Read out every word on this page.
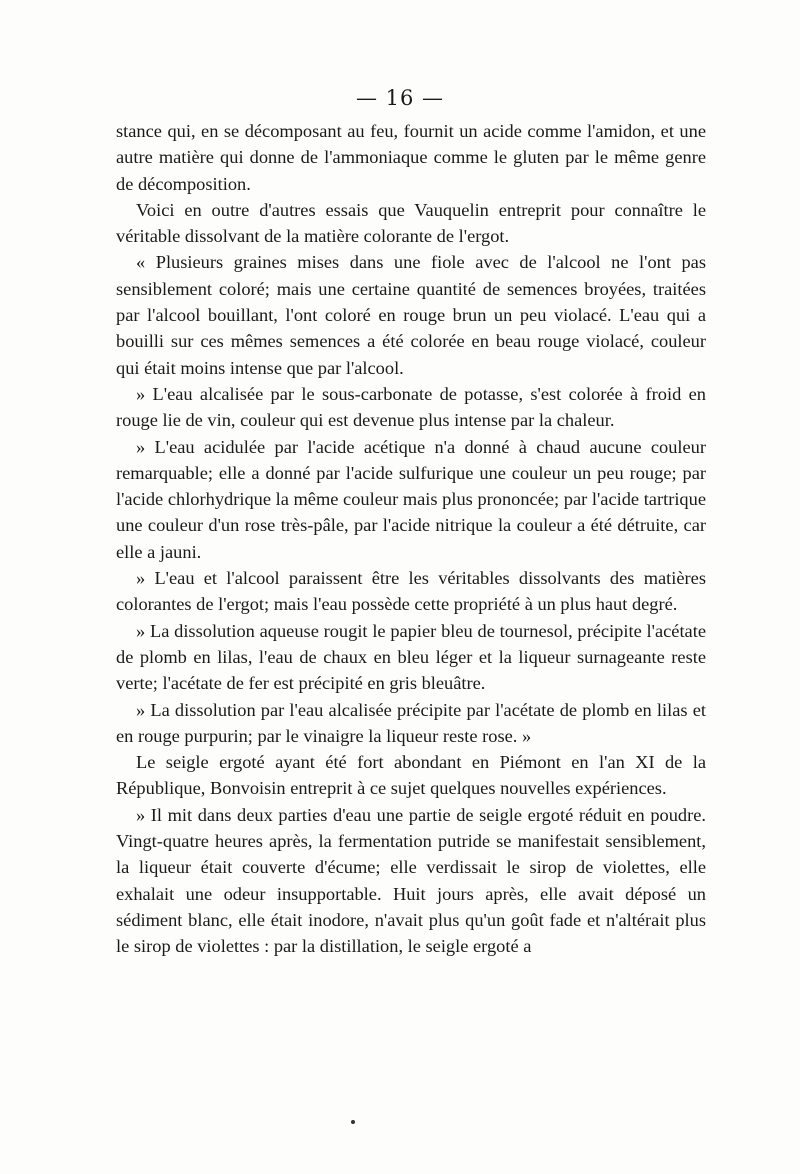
— 16 —

stance qui, en se décomposant au feu, fournit un acide comme l'amidon, et une autre matière qui donne de l'ammoniaque comme le gluten par le même genre de décomposition.

Voici en outre d'autres essais que Vauquelin entreprit pour connaître le véritable dissolvant de la matière colorante de l'ergot.

« Plusieurs graines mises dans une fiole avec de l'alcool ne l'ont pas sensiblement coloré; mais une certaine quantité de semences broyées, traitées par l'alcool bouillant, l'ont coloré en rouge brun un peu violacé. L'eau qui a bouilli sur ces mêmes semences a été colorée en beau rouge violacé, couleur qui était moins intense que par l'alcool.

» L'eau alcalisée par le sous-carbonate de potasse, s'est colorée à froid en rouge lie de vin, couleur qui est devenue plus intense par la chaleur.

» L'eau acidulée par l'acide acétique n'a donné à chaud aucune couleur remarquable; elle a donné par l'acide sulfurique une couleur un peu rouge; par l'acide chlorhydrique la même couleur mais plus prononcée; par l'acide tartrique une couleur d'un rose très-pâle, par l'acide nitrique la couleur a été détruite, car elle a jauni.

» L'eau et l'alcool paraissent être les véritables dissolvants des matières colorantes de l'ergot; mais l'eau possède cette propriété à un plus haut degré.

» La dissolution aqueuse rougit le papier bleu de tournesol, précipite l'acétate de plomb en lilas, l'eau de chaux en bleu léger et la liqueur surnageante reste verte; l'acétate de fer est précipité en gris bleuâtre.

» La dissolution par l'eau alcalisée précipite par l'acétate de plomb en lilas et en rouge purpurin; par le vinaigre la liqueur reste rose. »

Le seigle ergoté ayant été fort abondant en Piémont en l'an XI de la République, Bonvoisin entreprit à ce sujet quelques nouvelles expériences.

» Il mit dans deux parties d'eau une partie de seigle ergoté réduit en poudre. Vingt-quatre heures après, la fermentation putride se manifestait sensiblement, la liqueur était couverte d'écume; elle verdissait le sirop de violettes, elle exhalait une odeur insupportable. Huit jours après, elle avait déposé un sédiment blanc, elle était inodore, n'avait plus qu'un goût fade et n'altérait plus le sirop de violettes : par la distillation, le seigle ergoté a
